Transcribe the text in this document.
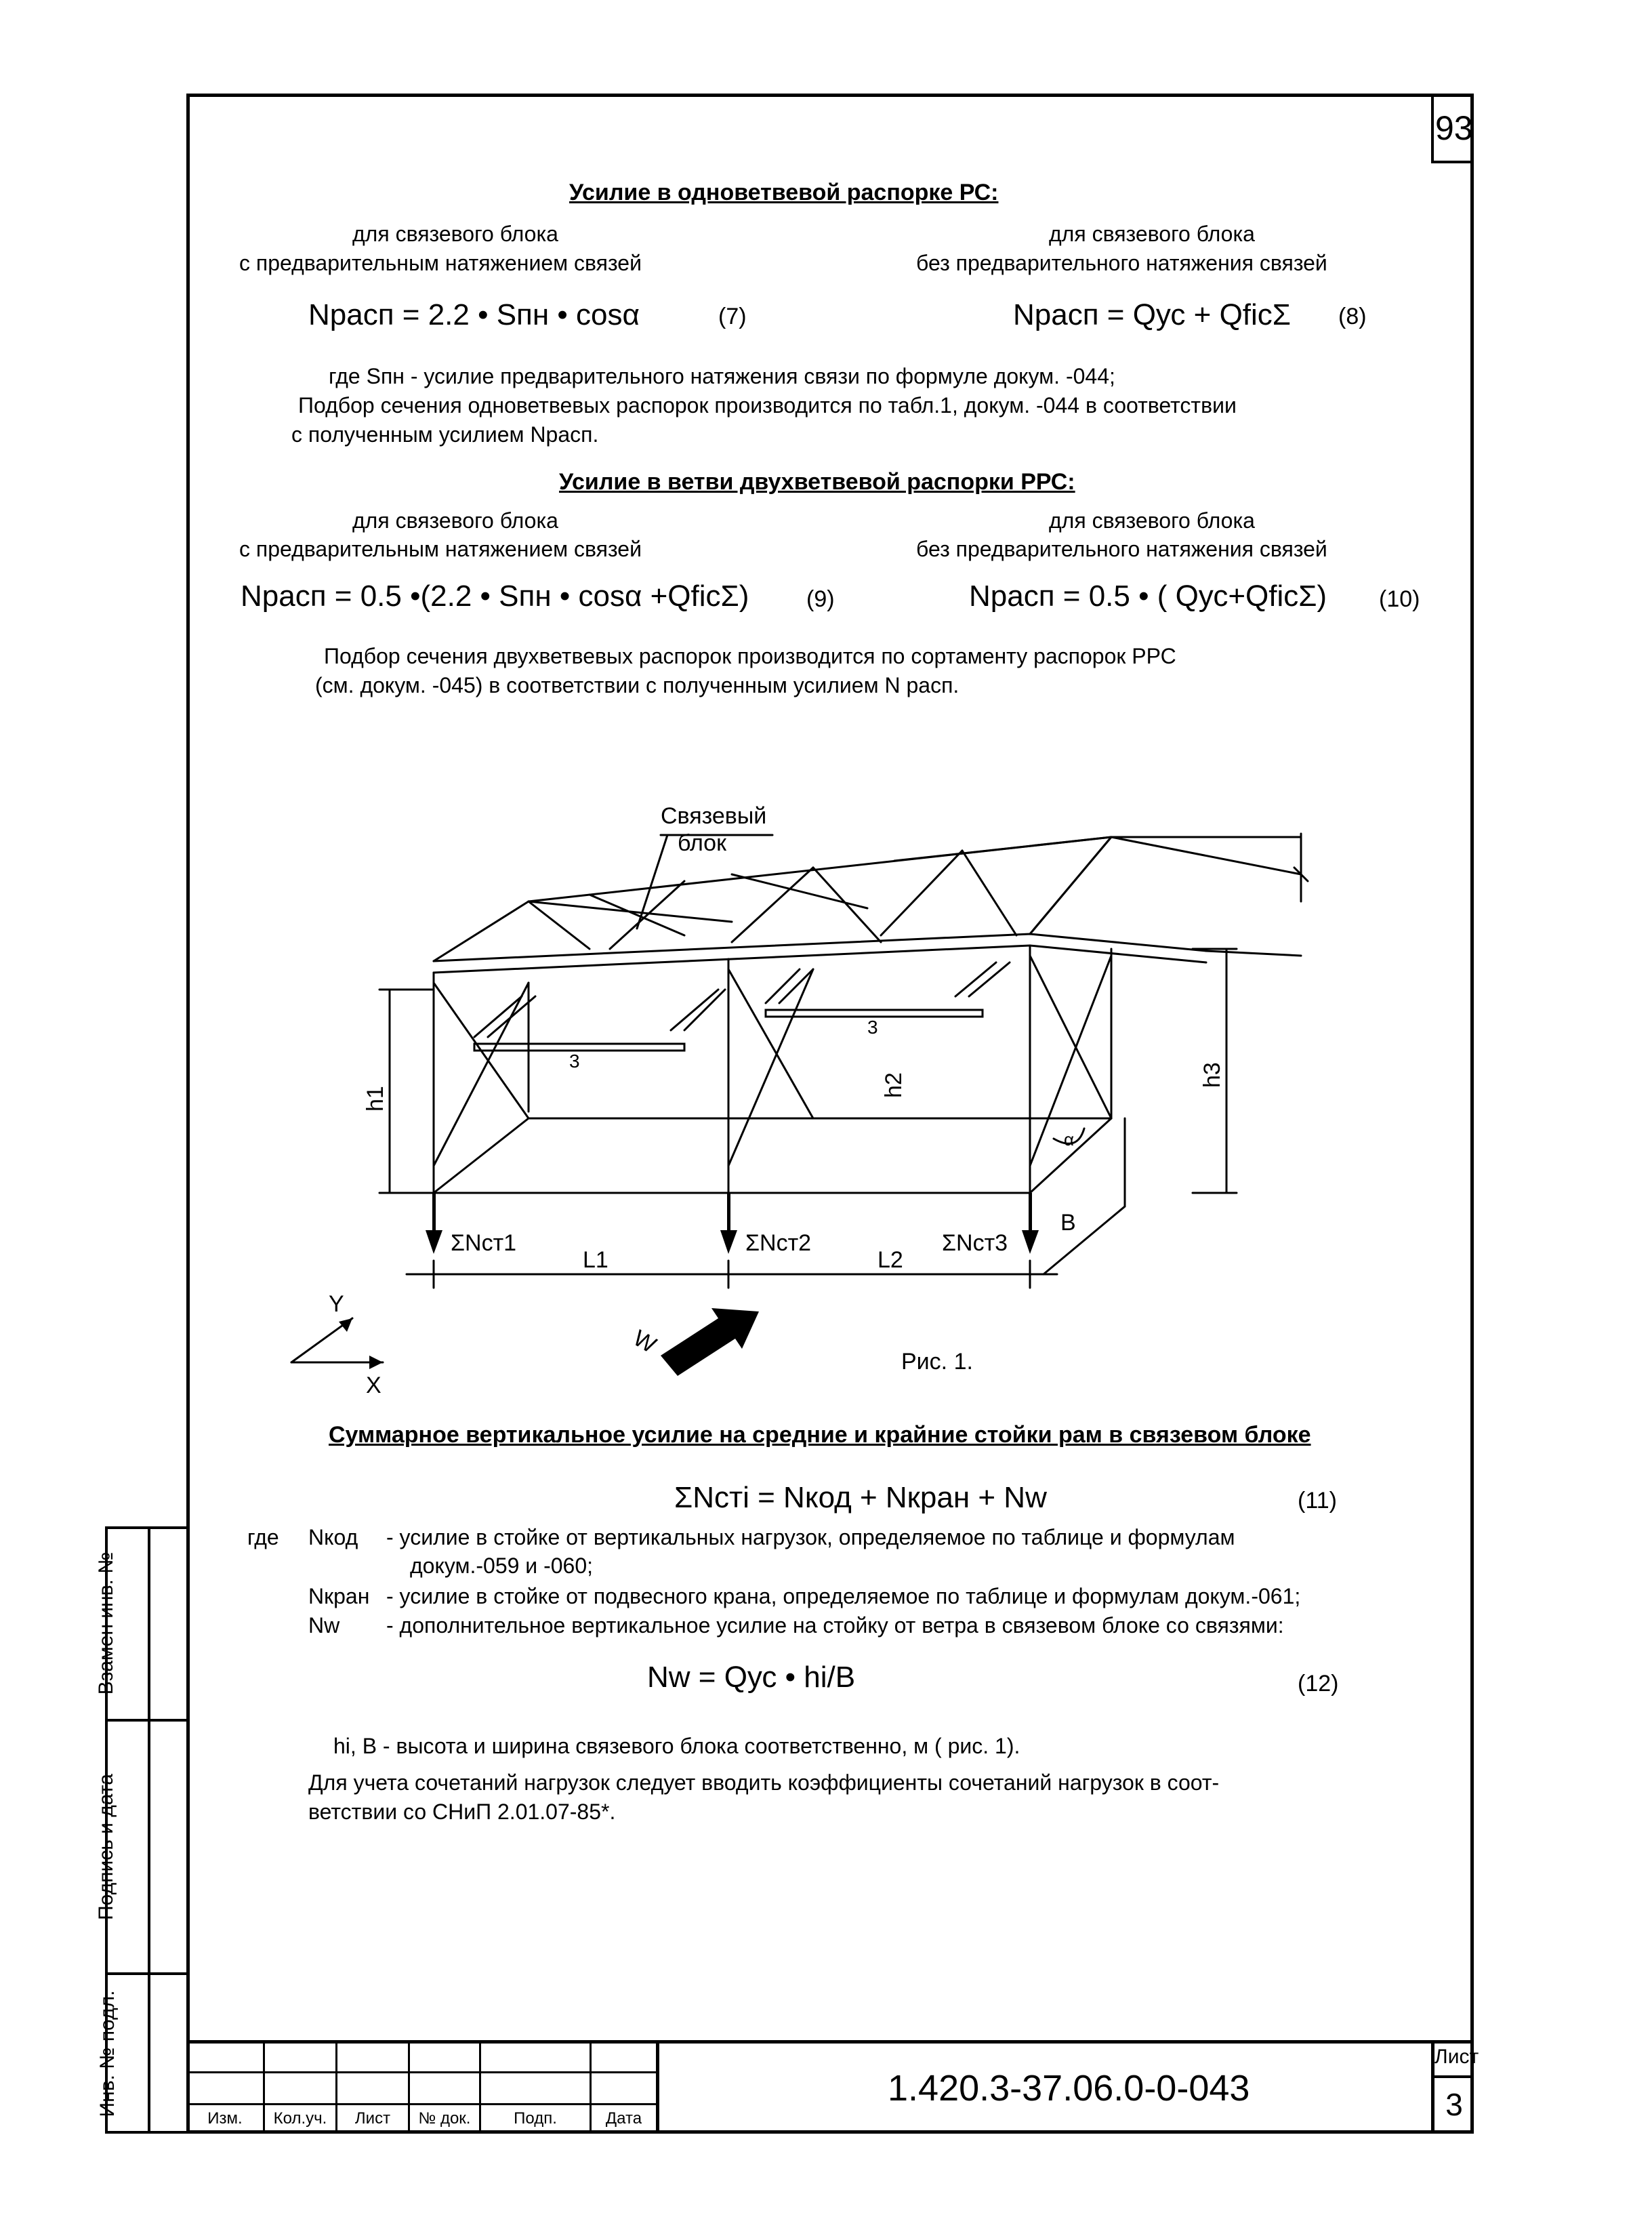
93
Взамен инв. №
Подпись и дата
Инв. № подл.
Усилие в одноветвевой распорке РС:
для связевого блока
с предварительным натяжением связей
для связевого блока
без предварительного натяжения связей
Nрасп = 2.2 • Sпн • cosα	(7)	Nрасп = Qус + QficΣ (8)
где Sпн - усилие предварительного натяжения связи по формуле докум. -044;
Подбор сечения одноветвевых распорок производится по табл.1, докум. -044 в соответствии
с полученным усилием Nрасп.
Усилие в ветви двухветвевой распорки РРС:
для связевого блока
с предварительным натяжением связей
для связевого блока
без предварительного натяжения связей
Nрасп = 0.5 •(2.2 • Sпн • cosα +QficΣ) (9)	Nрасп = 0.5 • ( Qус+QficΣ) (10)
Подбор сечения двухветвевых распорок производится по сортаменту распорок РРС
(см. докум. -045) в соответствии с полученным усилием N расп.
Связевый
блок
h1
h2	h3
ΣNст1	ΣNст2	ΣNст3
L1	L2
B
α
3
3
W
Y
X
Рис. 1.
Суммарное вертикальное усилие на средние и крайние стойки рам в связевом блоке
ΣNстi = Nкод + Nкран + Nw	(11)
где Nкод - усилие в стойке от вертикальных нагрузок, определяемое по таблице и формулам
докум.-059 и -060;
Nкран - усилие в стойке от подвесного крана, определяемое по таблице и формулам докум.-061;
Nw - дополнительное вертикальное усилие на стойку от ветра в связевом блоке со связями:
Nw = Qус • hi/B	(12)
hi, B - высота и ширина связевого блока соответственно, м ( рис. 1).
Для учета сочетаний нагрузок следует вводить коэффициенты сочетаний нагрузок в соот-
ветствии со СНиП 2.01.07-85*.
Изм.	Кол.уч.	Лист	№ док.	Подп.	Дата
1.420.3-37.06.0-0-043
Лист
3
